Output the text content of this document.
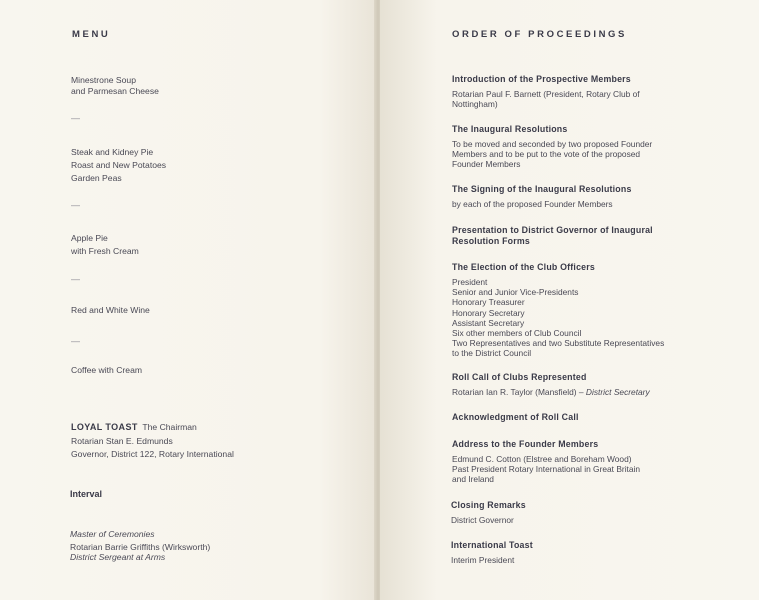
MENU
Minestrone Soup
and Parmesan Cheese
—
Steak and Kidney Pie
Roast and New Potatoes
Garden Peas
—
Apple Pie
with Fresh Cream
—
Red and White Wine
—
Coffee with Cream
LOYAL TOAST The Chairman
Rotarian Stan E. Edmunds
Governor, District 122, Rotary International
Interval
Master of Ceremonies
Rotarian Barrie Griffiths (Wirksworth)
District Sergeant at Arms
ORDER OF PROCEEDINGS
Introduction of the Prospective Members
Rotarian Paul F. Barnett (President, Rotary Club of
Nottingham)
The Inaugural Resolutions
To be moved and seconded by two proposed Founder
Members and to be put to the vote of the proposed
Founder Members
The Signing of the Inaugural Resolutions
by each of the proposed Founder Members
Presentation to District Governor of Inaugural
Resolution Forms
The Election of the Club Officers
President
Senior and Junior Vice-Presidents
Honorary Treasurer
Honorary Secretary
Assistant Secretary
Six other members of Club Council
Two Representatives and two Substitute Representatives
to the District Council
Roll Call of Clubs Represented
Rotarian Ian R. Taylor (Mansfield) – District Secretary
Acknowledgment of Roll Call
Address to the Founder Members
Edmund C. Cotton (Elstree and Boreham Wood)
Past President Rotary International in Great Britain
and Ireland
Closing Remarks
District Governor
International Toast
Interim President
